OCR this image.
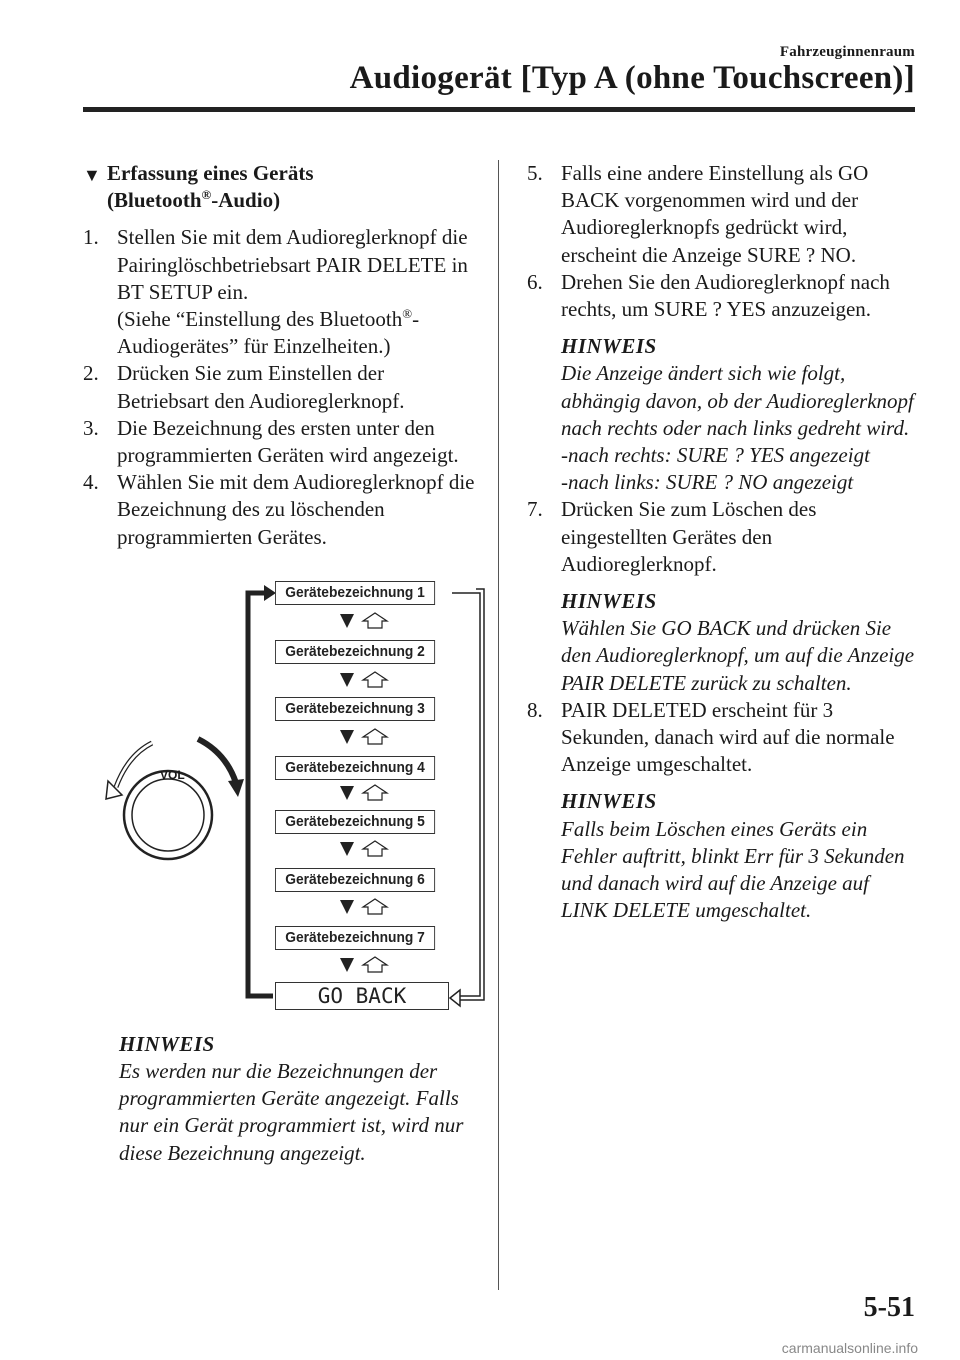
Fahrzeuginnenraum
Audiogerät [Typ A (ohne Touchscreen)]
▼ Erfassung eines Geräts
(Bluetooth®-Audio)
1. Stellen Sie mit dem Audioreglerknopf die Pairinglöschbetriebsart PAIR DELETE in BT SETUP ein.
(Siehe “Einstellung des Bluetooth®-Audiogerätes” für Einzelheiten.)
2. Drücken Sie zum Einstellen der Betriebsart den Audioreglerknopf.
3. Die Bezeichnung des ersten unter den programmierten Geräten wird angezeigt.
4. Wählen Sie mit dem Audioreglerknopf die Bezeichnung des zu löschenden programmierten Gerätes.
VOL
Gerätebezeichnung 1
Gerätebezeichnung 2
Gerätebezeichnung 3
Gerätebezeichnung 4
Gerätebezeichnung 5
Gerätebezeichnung 6
Gerätebezeichnung 7
GO BACK
HINWEIS
Es werden nur die Bezeichnungen der programmierten Geräte angezeigt. Falls nur ein Gerät programmiert ist, wird nur diese Bezeichnung angezeigt.
5. Falls eine andere Einstellung als GO BACK vorgenommen wird und der Audioreglerknopfs gedrückt wird, erscheint die Anzeige SURE ? NO.
6. Drehen Sie den Audioreglerknopf nach rechts, um SURE ? YES anzuzeigen.
HINWEIS
Die Anzeige ändert sich wie folgt, abhängig davon, ob der Audioreglerknopf nach rechts oder nach links gedreht wird.
-nach rechts: SURE ? YES angezeigt
-nach links: SURE ? NO angezeigt
7. Drücken Sie zum Löschen des eingestellten Gerätes den Audioreglerknopf.
HINWEIS
Wählen Sie GO BACK und drücken Sie den Audioreglerknopf, um auf die Anzeige PAIR DELETE zurück zu schalten.
8. PAIR DELETED erscheint für 3 Sekunden, danach wird auf die normale Anzeige umgeschaltet.
HINWEIS
Falls beim Löschen eines Geräts ein Fehler auftritt, blinkt Err für 3 Sekunden und danach wird auf die Anzeige auf LINK DELETE umgeschaltet.
5-51
carmanualsonline.info
